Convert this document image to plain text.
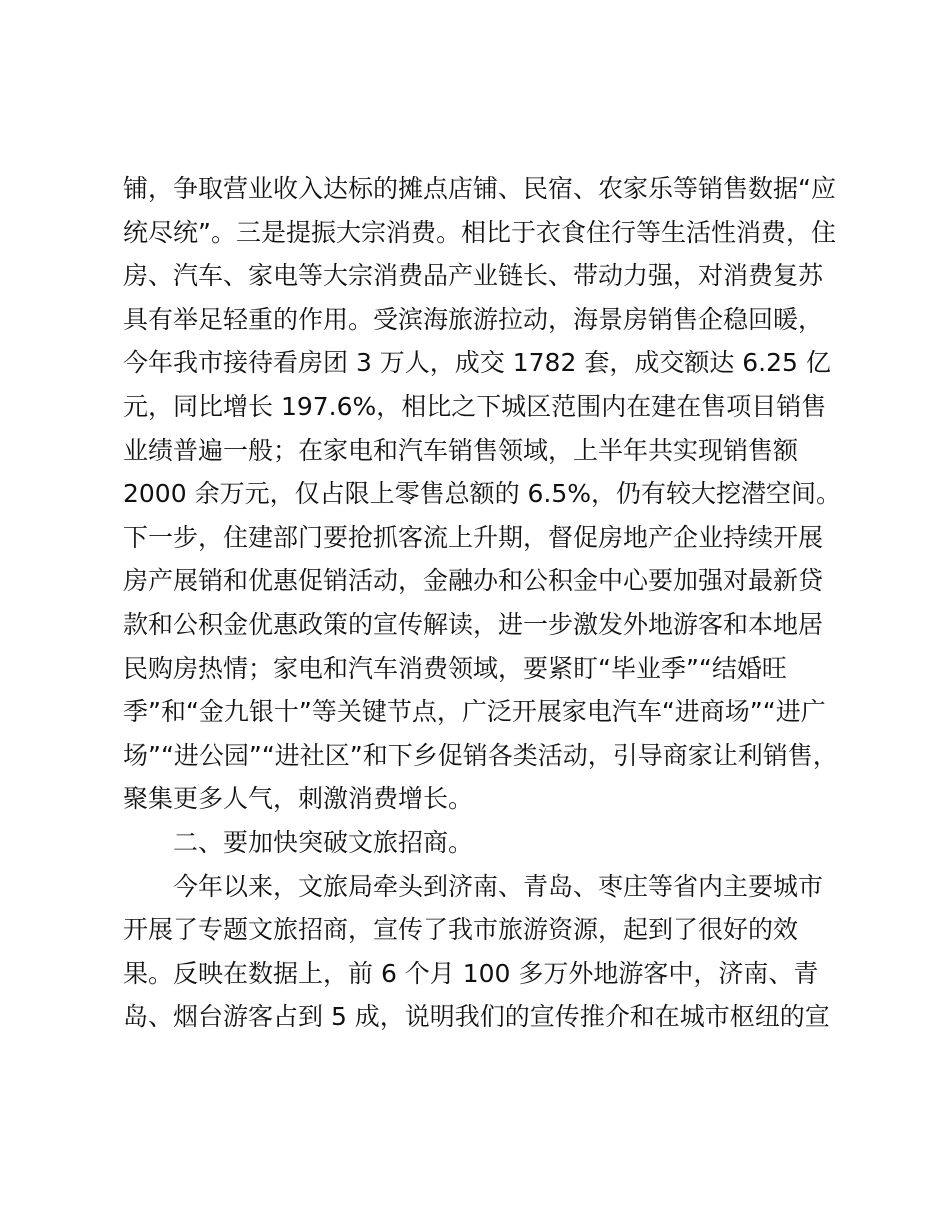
铺，争取营业收入达标的摊点店铺、民宿、农家乐等销售数据“应
统尽统”。三是提振大宗消费。相比于衣食住行等生活性消费，住
房、汽车、家电等大宗消费品产业链长、带动力强，对消费复苏
具有举足轻重的作用。受滨海旅游拉动，海景房销售企稳回暖，
今年我市接待看房团 3 万人，成交 1782 套，成交额达 6.25 亿
元，同比增长 197.6%，相比之下城区范围内在建在售项目销售
业绩普遍一般；在家电和汽车销售领域，上半年共实现销售额
2000 余万元，仅占限上零售总额的 6.5%，仍有较大挖潜空间。
下一步，住建部门要抢抓客流上升期，督促房地产企业持续开展
房产展销和优惠促销活动，金融办和公积金中心要加强对最新贷
款和公积金优惠政策的宣传解读，进一步激发外地游客和本地居
民购房热情；家电和汽车消费领域，要紧盯“毕业季”“结婚旺
季”和“金九银十”等关键节点，广泛开展家电汽车“进商场”“进广
场”“进公园”“进社区”和下乡促销各类活动，引导商家让利销售，
聚集更多人气，刺激消费增长。
二、要加快突破文旅招商。
今年以来，文旅局牵头到济南、青岛、枣庄等省内主要城市
开展了专题文旅招商，宣传了我市旅游资源，起到了很好的效
果。反映在数据上，前 6 个月 100 多万外地游客中，济南、青
岛、烟台游客占到 5 成，说明我们的宣传推介和在城市枢纽的宣
